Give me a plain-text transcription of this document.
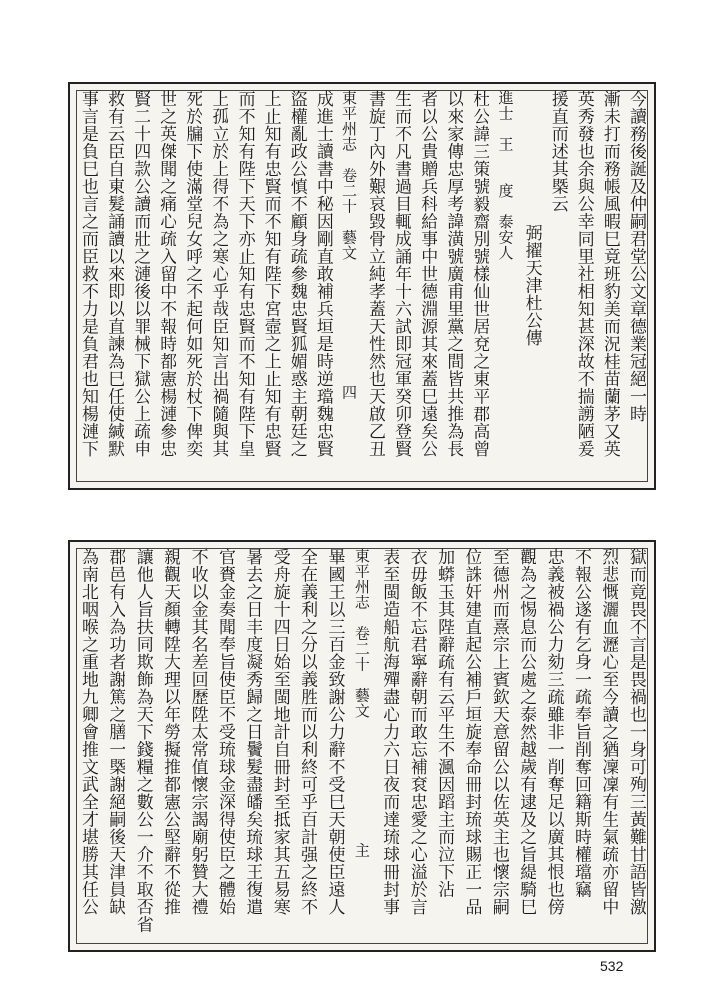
今讀務後誕及仲嗣君堂公文章德業冠絕一時
漸未打而務帳風暇巳竟班豹美而況桂苗蘭茅又英
英秀發也余與公幸同里社相知甚深故不揣謭陋爰
援直而述其槩云
弼擢天津杜公傳
進士　王　　度　泰安人
杜公諱三策號毅齋別號樣仙世居兗之東平郡高曾
以來家傳忠厚考諱潢號廣甫里黨之間皆共推為長
者以公貴贈兵科給事中世德淵源其來蓋巳遠矣公
生而不凡書過目輒成誦年十六試即冠軍癸卯登賢
書旋丁內外艱哀毀骨立純孝蓋天性然也天啟乙丑
東平州志　卷二十　藝文　　　　　　　　四
成進士讀書中秘因剛直敢補兵垣是時逆璫魏忠賢
盜權亂政公慎不顧身疏參魏忠賢狐媚惑主朝廷之
上止知有忠賢而不知有陛下宮壼之上止知有忠賢
而不知有陛下天下亦止知有忠賢而不知有陛下皇
上孤立於上得不為之寒心乎哉臣知言出禍隨與其
死於牖下使滿堂兒女呼之不起何如死於杖下俾奕
世之英傑聞之痛心疏入留中不報時都憲楊漣參忠
賢二十四款公讀而壯之漣後以罪械下獄公上疏申
救有云臣自東髮誦讀以來即以直諫為巳任使緘默
事言是負巳也言之而臣救不力是負君也知楊漣下
獄而竟畏不言是畏禍也一身可殉三黃難甘語皆激
烈悲慨灑血瀝心至今讀之猶凜凜有生氣疏亦留中
不報公遂有乞身一疏奉旨削奪回籍斯時權璫竊
忠義被禍公力劾三疏雖非一削奪足以廣其恨也傍
觀為之惕息而公處之泰然越歲有逮及之旨緹騎巳
至德州而熹宗上賓欽天意留公以佐英主也懷宗嗣
位誅奸建直起公補戶垣旋奉命冊封琉球賜正一品
加蟒玉其陛辭疏有云平生不渢因蹈主而泣下沾
衣毋飯不忘君寧辭朝而敢忘補袞忠愛之心溢於言
表至閩造船航海殫盡心力六日夜而達琉球冊封事
東平州志　卷二十　藝文　　　　　　　　主
畢國王以三百金致謝公力辭不受巳天朝使臣遠人
全在義利之分以義胜而以利終可乎百計强之終不
受舟旋十四日始至閩地計自冊封至抵家其五易寒
暑去之日丰度凝秀歸之日鬢髮盡皤矣琉球王復遣
官賚金奏聞奉旨使臣不受琉球金深得使臣之體始
不收以金其名差回歷陞太常值懷宗謁廟躬贊大禮
親觀天顏轉陞大理以年勞擬推都憲公堅辭不從推
讓他人旨扶同欺飾為天下錢糧之數公一介不取否省
郡邑有入為功者謝篤之膳一槩謝絕嗣後天津員缺
為南北咽喉之重地九卿會推文武全才堪勝其任公
532
